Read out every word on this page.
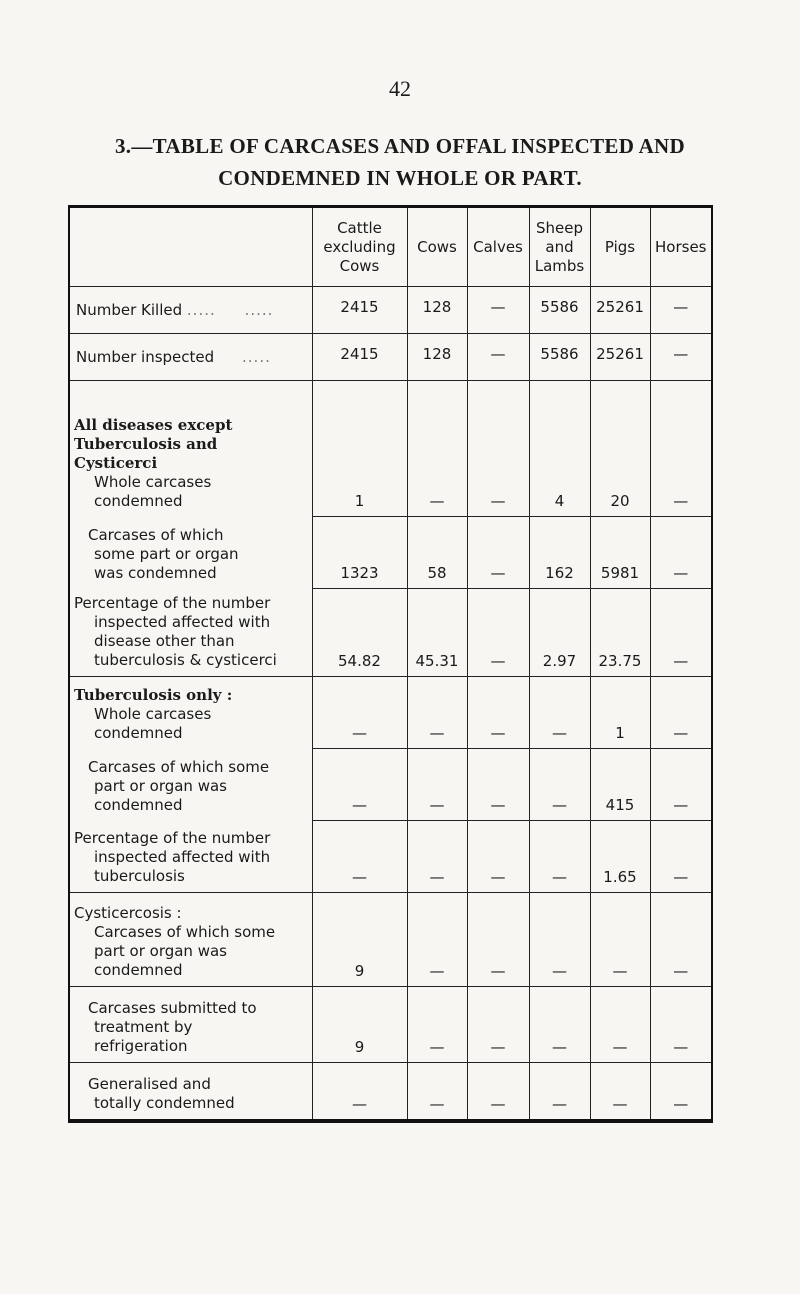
42
3.—TABLE OF CARCASES AND OFFAL INSPECTED AND
CONDEMNED IN WHOLE OR PART.
	Cattle
excluding
Cows	Cows	Calves	Sheep
and
Lambs	Pigs	Horses
Number Killed .....     .....	2415	128	—	5586	25261	—
Number inspected     .....	2415	128	—	5586	25261	—

All diseases except
Tuberculosis and
Cysticerci
Whole carcases
condemned	1	—	—	4	20	—

Carcases of which
some part or organ
was condemned	1323	58	—	162	5981	—

Percentage of the number
inspected affected with
disease other than
tuberculosis & cysticerci	54.82	45.31	—	2.97	23.75	—

Tuberculosis only :
Whole carcases
condemned	—	—	—	—	1	—

Carcases of which some
part or organ was
condemned	—	—	—	—	415	—

Percentage of the number
inspected affected with
tuberculosis	—	—	—	—	1.65	—

Cysticercosis :
Carcases of which some
part or organ was
condemned	9	—	—	—	—	—

Carcases submitted to
treatment by
refrigeration	9	—	—	—	—	—

Generalised and
totally condemned	—	—	—	—	—	—
